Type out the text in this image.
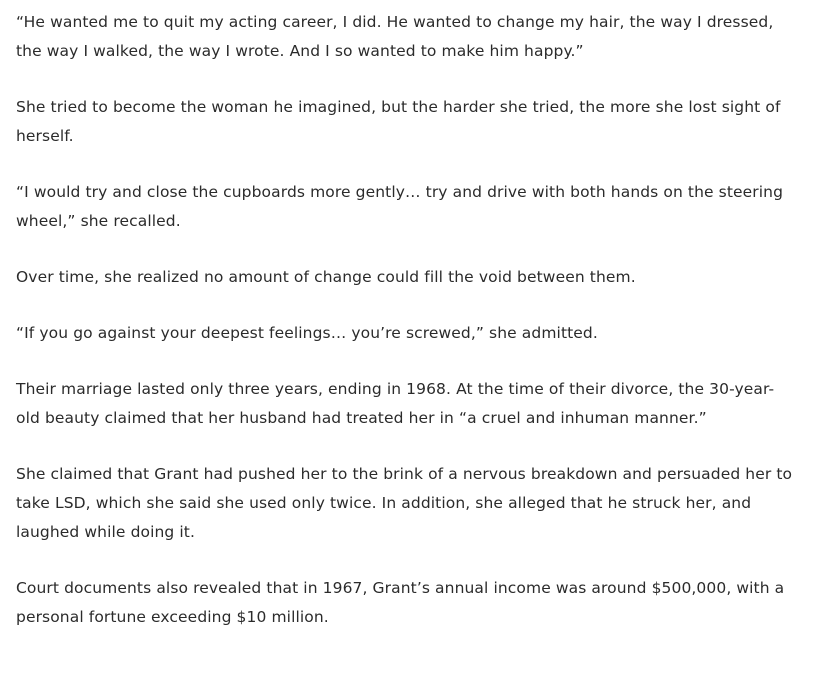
“He wanted me to quit my acting career, I did. He wanted to change my hair, the way I dressed, the way I walked, the way I wrote. And I so wanted to make him happy.”

She tried to become the woman he imagined, but the harder she tried, the more she lost sight of herself.

“I would try and close the cupboards more gently… try and drive with both hands on the steering wheel,” she recalled.

Over time, she realized no amount of change could fill the void between them.

“If you go against your deepest feelings… you’re screwed,” she admitted.

Their marriage lasted only three years, ending in 1968. At the time of their divorce, the 30-year-old beauty claimed that her husband had treated her in “a cruel and inhuman manner.”

She claimed that Grant had pushed her to the brink of a nervous breakdown and persuaded her to take LSD, which she said she used only twice. In addition, she alleged that he struck her, and laughed while doing it.

Court documents also revealed that in 1967, Grant’s annual income was around $500,000, with a personal fortune exceeding $10 million.
